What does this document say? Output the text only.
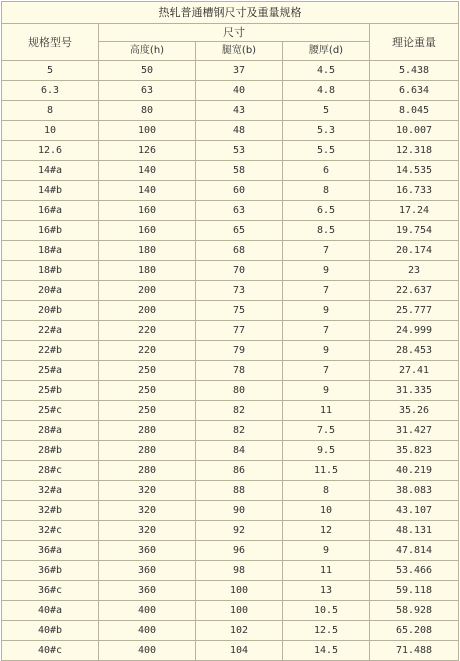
热轧普通槽钢尺寸及重量规格				
规格型号	尺寸			理论重量
	高度(h)	腿宽(b)	腰厚(d)	
5	50	37	4.5	5.438
6.3	63	40	4.8	6.634
8	80	43	5	8.045
10	100	48	5.3	10.007
12.6	126	53	5.5	12.318
14#a	140	58	6	14.535
14#b	140	60	8	16.733
16#a	160	63	6.5	17.24
16#b	160	65	8.5	19.754
18#a	180	68	7	20.174
18#b	180	70	9	23
20#a	200	73	7	22.637
20#b	200	75	9	25.777
22#a	220	77	7	24.999
22#b	220	79	9	28.453
25#a	250	78	7	27.41
25#b	250	80	9	31.335
25#c	250	82	11	35.26
28#a	280	82	7.5	31.427
28#b	280	84	9.5	35.823
28#c	280	86	11.5	40.219
32#a	320	88	8	38.083
32#b	320	90	10	43.107
32#c	320	92	12	48.131
36#a	360	96	9	47.814
36#b	360	98	11	53.466
36#c	360	100	13	59.118
40#a	400	100	10.5	58.928
40#b	400	102	12.5	65.208
40#c	400	104	14.5	71.488
